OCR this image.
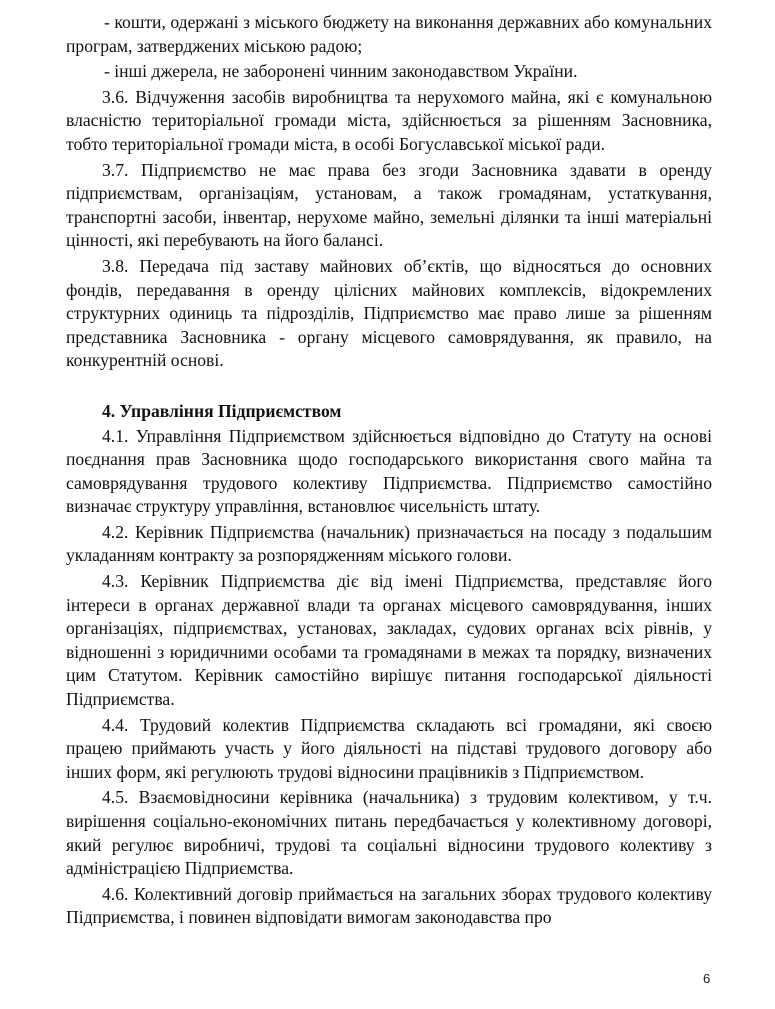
- кошти, одержані з міського бюджету на виконання державних або комунальних програм, затверджених міською радою;

- інші джерела, не заборонені чинним законодавством України.

3.6. Відчуження засобів виробництва та нерухомого майна, які є комунальною власністю територіальної громади міста, здійснюється за рішенням Засновника, тобто територіальної громади міста, в особі Богуславської міської ради.

3.7. Підприємство не має права без згоди Засновника здавати в оренду підприємствам, організаціям, установам, а також громадянам, устаткування, транспортні засоби, інвентар, нерухоме майно, земельні ділянки та інші матеріальні цінності, які перебувають на його балансі.

3.8. Передача під заставу майнових об’єктів, що відносяться до основних фондів, передавання в оренду цілісних майнових комплексів, відокремлених структурних одиниць та підрозділів, Підприємство має право лише за рішенням представника Засновника - органу місцевого самоврядування, як правило, на конкурентній основі.

4. Управління Підприємством

4.1. Управління Підприємством здійснюється відповідно до Статуту на основі поєднання прав Засновника щодо господарського використання свого майна та самоврядування трудового колективу Підприємства. Підприємство самостійно визначає структуру управління, встановлює чисельність штату.

4.2. Керівник Підприємства (начальник) призначається на посаду з подальшим укладанням контракту за розпорядженням міського голови.

4.3. Керівник Підприємства діє від імені Підприємства, представляє його інтереси в органах державної влади та органах місцевого самоврядування, інших організаціях, підприємствах, установах, закладах, судових органах всіх рівнів, у відношенні з юридичними особами та громадянами в межах та порядку, визначених цим Статутом. Керівник самостійно вирішує питання господарської діяльності Підприємства.

4.4. Трудовий колектив Підприємства складають всі громадяни, які своєю працею приймають участь у його діяльності на підставі трудового договору або інших форм, які регулюють трудові відносини працівників з Підприємством.

4.5. Взаємовідносини керівника (начальника) з трудовим колективом, у т.ч. вирішення соціально-економічних питань передбачається у колективному договорі, який регулює виробничі, трудові та соціальні відносини трудового колективу з адміністрацією Підприємства.

4.6. Колективний договір приймається на загальних зборах трудового колективу Підприємства, і повинен відповідати вимогам законодавства про

6
